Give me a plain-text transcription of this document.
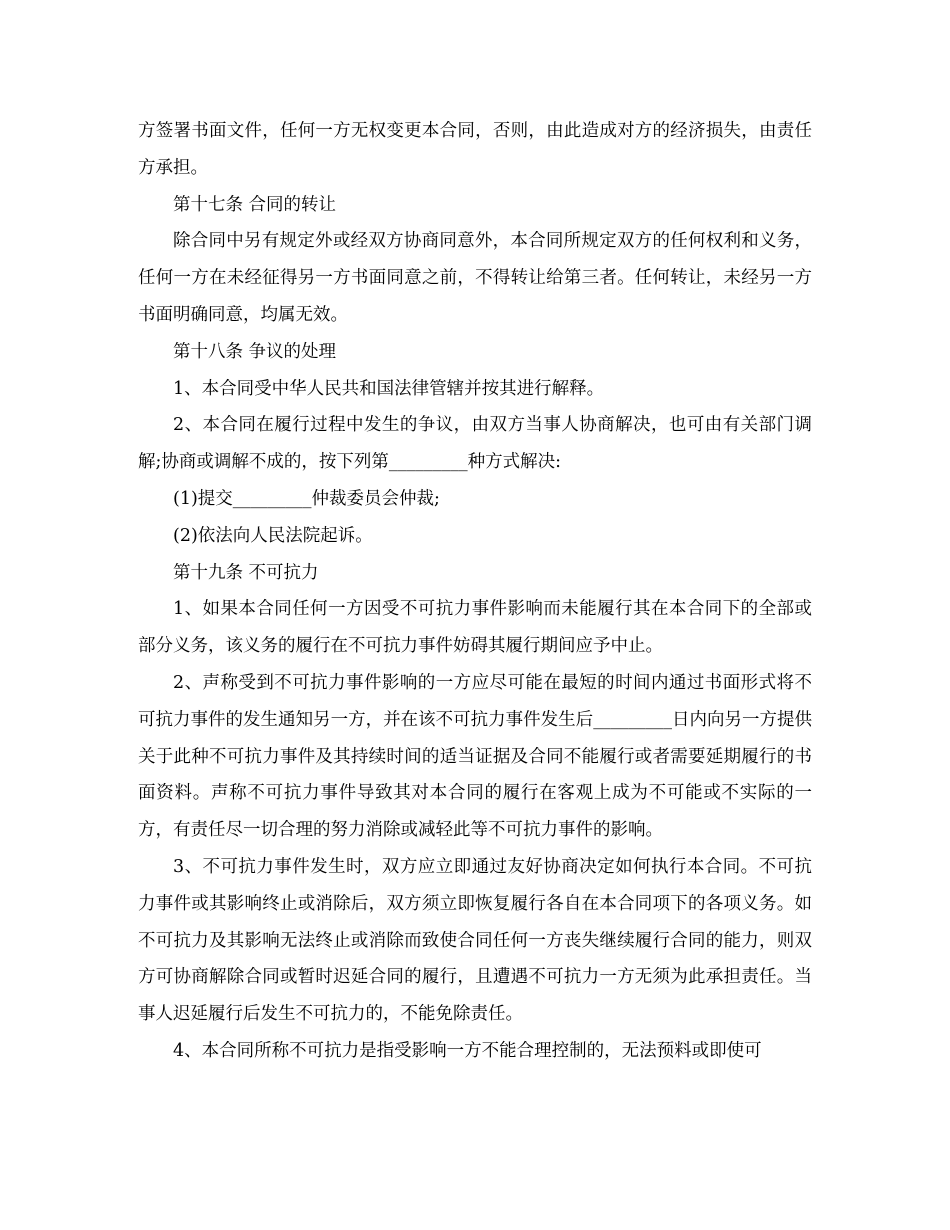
方签署书面文件，任何一方无权变更本合同，否则，由此造成对方的经济损失，由责任方承担。

第十七条 合同的转让

除合同中另有规定外或经双方协商同意外，本合同所规定双方的任何权利和义务，任何一方在未经征得另一方书面同意之前，不得转让给第三者。任何转让，未经另一方书面明确同意，均属无效。

第十八条 争议的处理

1、本合同受中华人民共和国法律管辖并按其进行解释。

2、本合同在履行过程中发生的争议，由双方当事人协商解决，也可由有关部门调解;协商或调解不成的，按下列第_________种方式解决:

(1)提交_________仲裁委员会仲裁;

(2)依法向人民法院起诉。

第十九条 不可抗力

1、如果本合同任何一方因受不可抗力事件影响而未能履行其在本合同下的全部或部分义务，该义务的履行在不可抗力事件妨碍其履行期间应予中止。

2、声称受到不可抗力事件影响的一方应尽可能在最短的时间内通过书面形式将不可抗力事件的发生通知另一方，并在该不可抗力事件发生后_________日内向另一方提供关于此种不可抗力事件及其持续时间的适当证据及合同不能履行或者需要延期履行的书面资料。声称不可抗力事件导致其对本合同的履行在客观上成为不可能或不实际的一方，有责任尽一切合理的努力消除或减轻此等不可抗力事件的影响。

3、不可抗力事件发生时，双方应立即通过友好协商决定如何执行本合同。不可抗力事件或其影响终止或消除后，双方须立即恢复履行各自在本合同项下的各项义务。如不可抗力及其影响无法终止或消除而致使合同任何一方丧失继续履行合同的能力，则双方可协商解除合同或暂时迟延合同的履行，且遭遇不可抗力一方无须为此承担责任。当事人迟延履行后发生不可抗力的，不能免除责任。

4、本合同所称不可抗力是指受影响一方不能合理控制的，无法预料或即使可
